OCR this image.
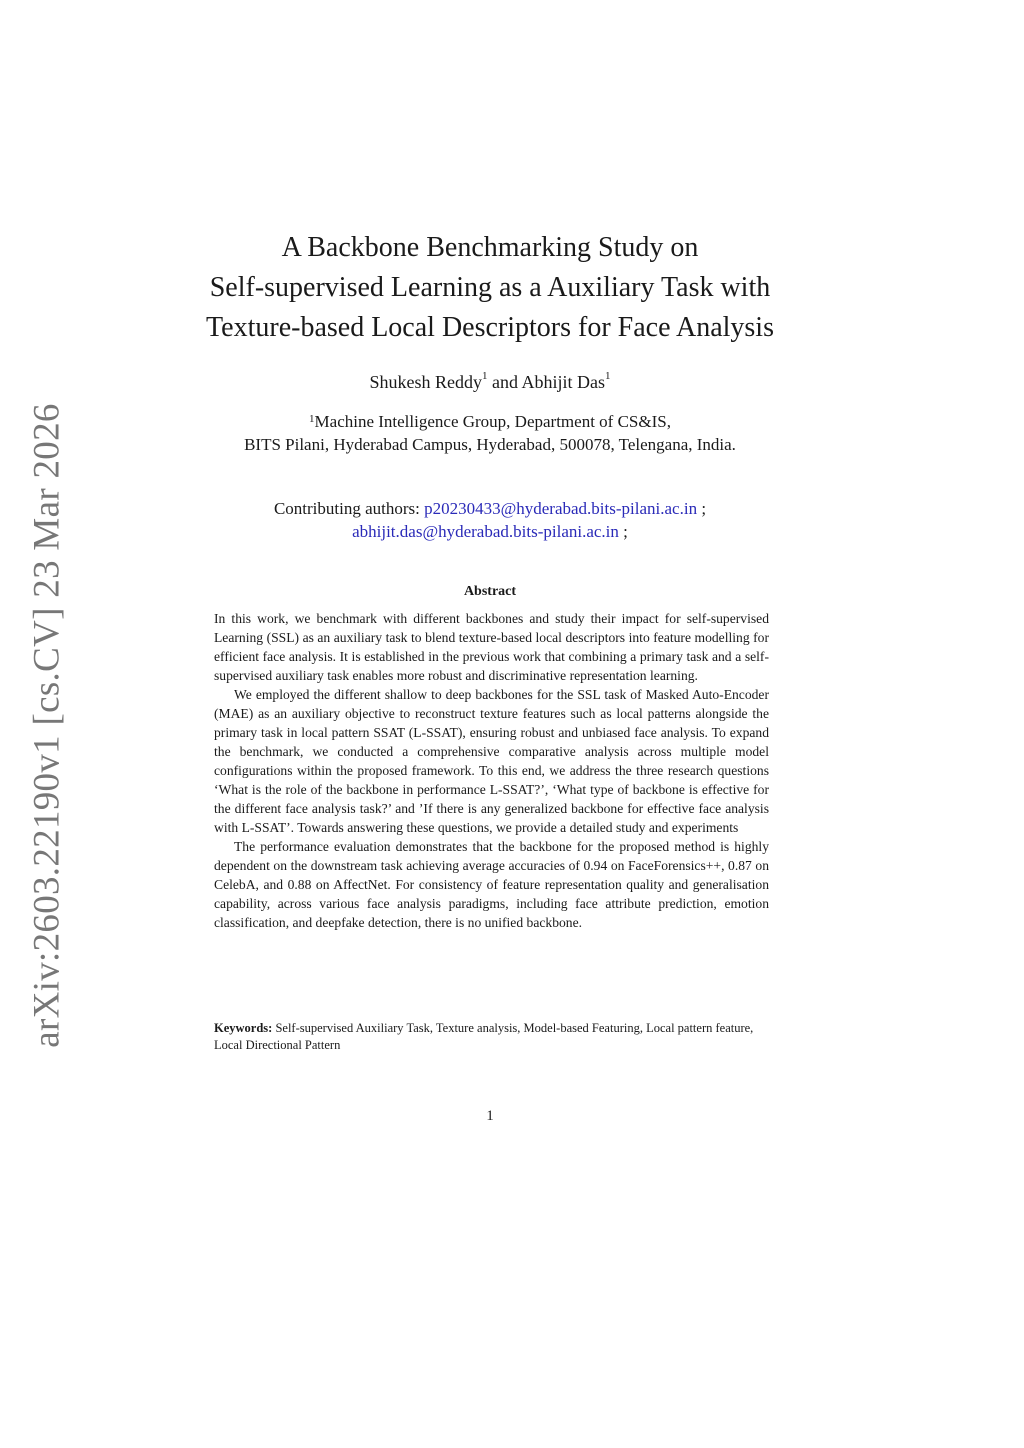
arXiv:2603.22190v1 [cs.CV] 23 Mar 2026
A Backbone Benchmarking Study on
Self-supervised Learning as a Auxiliary Task with
Texture-based Local Descriptors for Face Analysis
Shukesh Reddy$^1$ and Abhijit Das$^1$
$^1$Machine Intelligence Group, Department of CS&IS,
BITS Pilani, Hyderabad Campus, Hyderabad, 500078, Telengana, India.
Contributing authors: p20230433@hyderabad.bits-pilani.ac.in ;
abhijit.das@hyderabad.bits-pilani.ac.in ;
Abstract

In this work, we benchmark with different backbones and study their impact for self-supervised Learning (SSL) as an auxiliary task to blend texture-based local descriptors into feature modelling for efficient face analysis. It is established in the previous work that combining a primary task and a self-supervised auxiliary task enables more robust and discriminative representation learning.

We employed the different shallow to deep backbones for the SSL task of Masked Auto-Encoder (MAE) as an auxiliary objective to reconstruct texture features such as local patterns alongside the primary task in local pattern SSAT (L-SSAT), ensuring robust and unbiased face analysis. To expand the benchmark, we conducted a comprehensive comparative analysis across multiple model configurations within the proposed framework. To this end, we address the three research questions ‘What is the role of the backbone in performance L-SSAT?’, ‘What type of backbone is effective for the different face analysis task?’ and ’If there is any generalized backbone for effective face analysis with L-SSAT’. Towards answering these questions, we provide a detailed study and experiments

The performance evaluation demonstrates that the backbone for the proposed method is highly dependent on the downstream task achieving average accuracies of 0.94 on FaceForensics++, 0.87 on CelebA, and 0.88 on AffectNet. For consistency of feature representation quality and generalisation capability, across various face analysis paradigms, including face attribute prediction, emotion classification, and deepfake detection, there is no unified backbone.

Keywords: Self-supervised Auxiliary Task, Texture analysis, Model-based Featuring, Local pattern feature, Local Directional Pattern
1
